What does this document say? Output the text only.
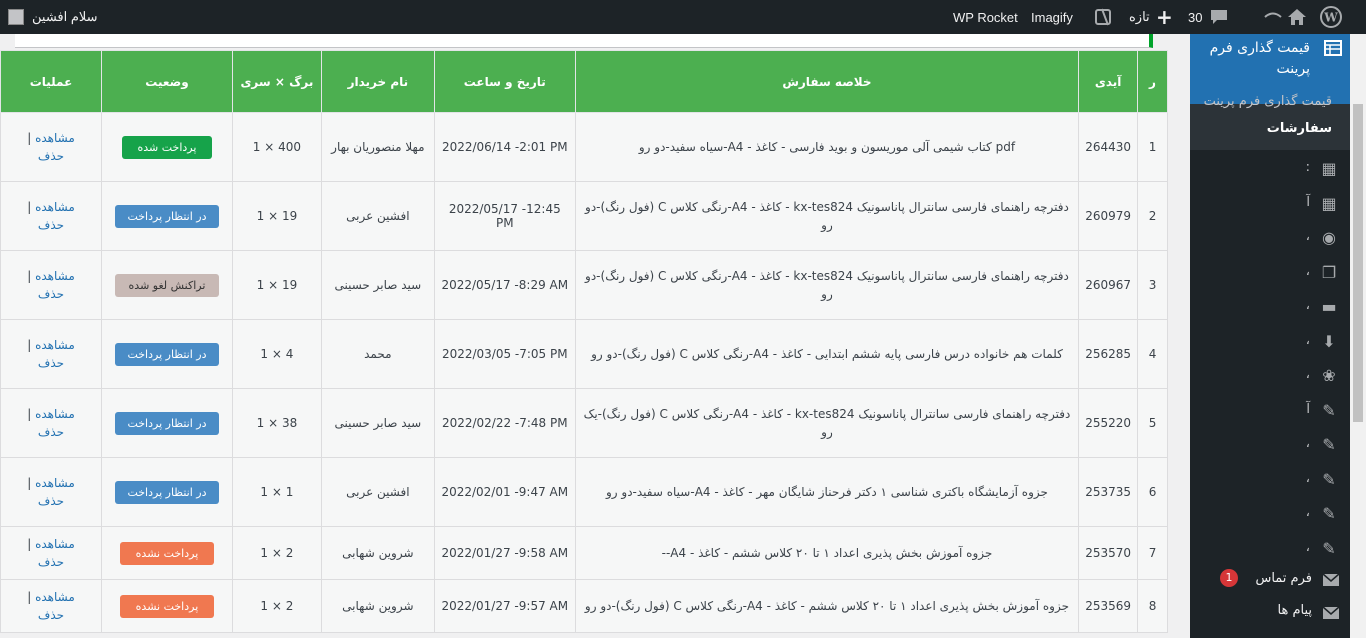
سلام افشین	WP Rocket Imagify	تازه + 30	W
ر	آیدی	خلاصه سفارش	تاریخ و ساعت	نام خریدار	برگ × سری	وضعیت	عملیات
1	264430	pdf کتاب شیمی آلی موریسون و بوید فارسی - کاغذ - A4-سیاه سفید-دو رو	2022/06/14 -2:01 PM	مهلا منصوریان بهار	400 × 1	پرداخت شده	مشاهده |
حذف
2	260979	دفترچه راهنمای فارسی سانترال پاناسونیک kx-tes824 - کاغذ - A4-رنگی کلاس C (فول رنگ)-دو رو	2022/05/17 -12:45 PM	افشین عربی	19 × 1	در انتظار پرداخت	مشاهده |
حذف
3	260967	دفترچه راهنمای فارسی سانترال پاناسونیک kx-tes824 - کاغذ - A4-رنگی کلاس C (فول رنگ)-دو رو	2022/05/17 -8:29 AM	سید صابر حسینی	19 × 1	تراکنش لغو شده	مشاهده |
حذف
4	256285	کلمات هم خانواده درس فارسی پایه ششم ابتدایی - کاغذ - A4-رنگی کلاس C (فول رنگ)-دو رو	2022/03/05 -7:05 PM	محمد	4 × 1	در انتظار پرداخت	مشاهده |
حذف
5	255220	دفترچه راهنمای فارسی سانترال پاناسونیک kx-tes824 - کاغذ - A4-رنگی کلاس C (فول رنگ)-یک رو	2022/02/22 -7:48 PM	سید صابر حسینی	38 × 1	در انتظار پرداخت	مشاهده |
حذف
6	253735	جزوه آزمایشگاه باکتری شناسی ۱ دکتر فرحناز شایگان مهر - کاغذ - A4-سیاه سفید-دو رو	2022/02/01 -9:47 AM	افشین عربی	1 × 1	در انتظار پرداخت	مشاهده |
حذف
7	253570	جزوه آموزش بخش پذیری اعداد ۱ تا ۲۰ کلاس ششم - کاغذ - A4--	2022/01/27 -9:58 AM	شروین شهابی	2 × 1	پرداخت نشده	مشاهده |
حذف
8	253569	جزوه آموزش بخش پذیری اعداد ۱ تا ۲۰ کلاس ششم - کاغذ - A4-رنگی کلاس C (فول رنگ)-دو رو	2022/01/27 -9:57 AM	شروین شهابی	2 × 1	پرداخت نشده	مشاهده |
حذف
قیمت گذاری فرم پرینت
قیمت گذاری فرم پرینت
سفارشات
▦
:
▦
آ
◉
،
❐
،
▬
،
⬇
،
❀
،
✎
آ
✎
،
✎
،
✎
،
✎
،
فرم تماس
1
پیام ها
